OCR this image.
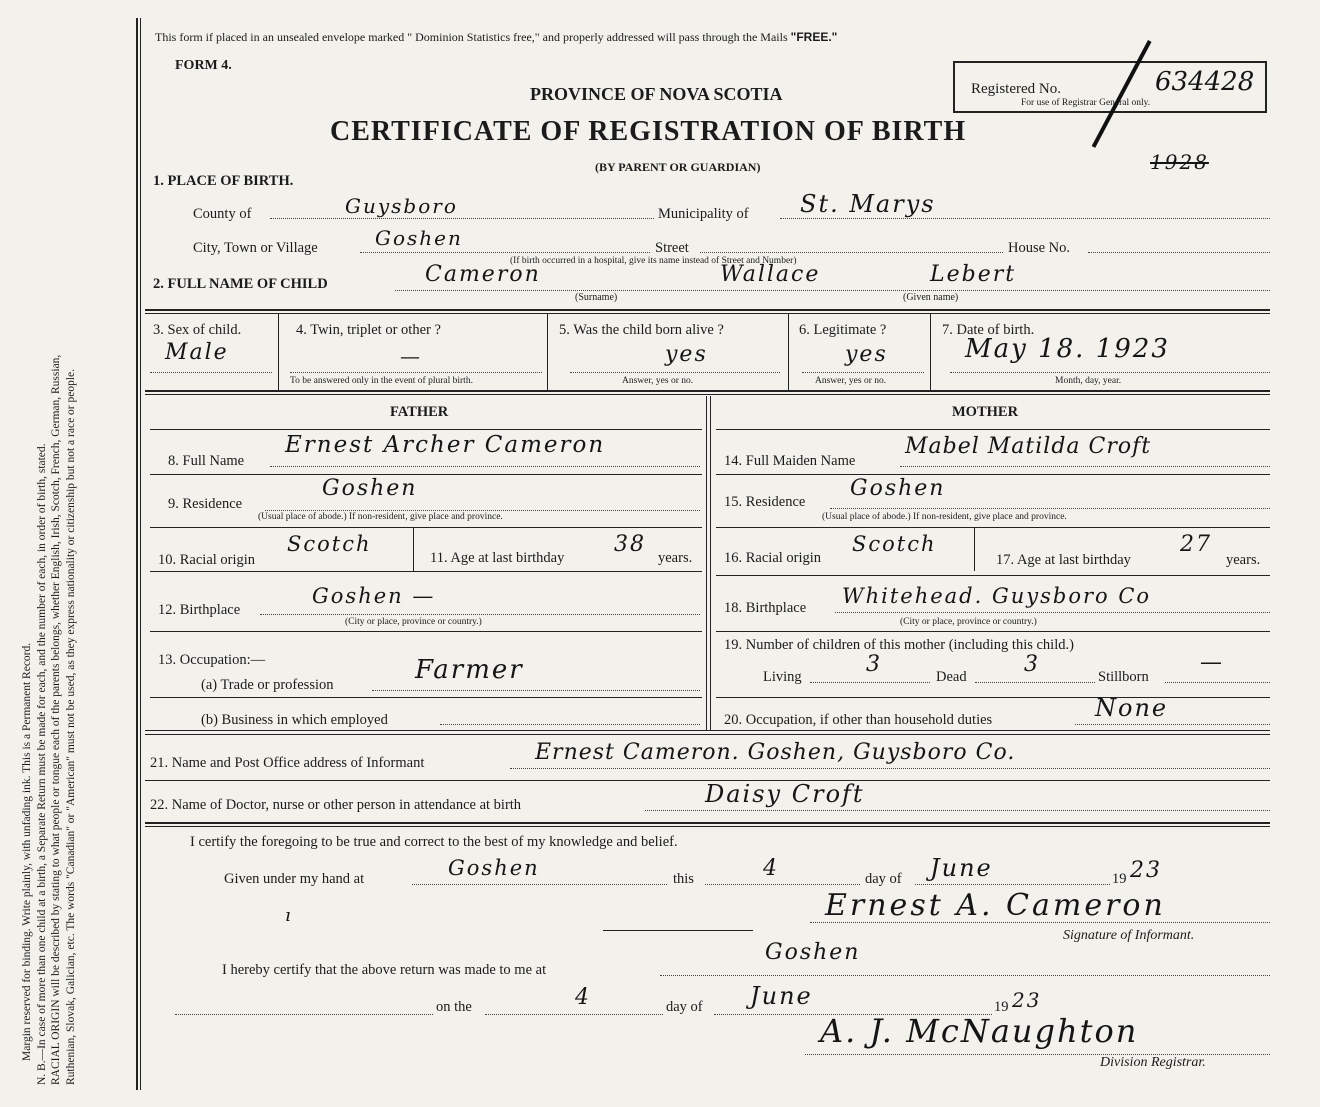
Margin reserved for binding. Write plainly, with unfading ink. This is a Permanent Record. N. B.—In case of more than one child at a birth, a Separate Return must be made for each, and the number of each, in order of birth, stated. RACIAL ORIGIN will be described by stating to what people or tongue each of the parents belongs, whether English, Irish, Scotch, French, German, Russian, Ruthenian, Slovak, Galician, etc. The words "Canadian" or "American" must not be used, as they express nationality or citizenship but not a race or people.
This form if placed in an unsealed envelope marked " Dominion Statistics free," and properly addressed will pass through the Mails "FREE."
FORM 4.
PROVINCE OF NOVA SCOTIA
CERTIFICATE OF REGISTRATION OF BIRTH
(BY PARENT OR GUARDIAN)
Registered No.
For use of Registrar General only.
634428
1928
1. PLACE OF BIRTH.
County of	Guysboro	Municipality of St. Marys
City, Town or Village	Goshen	Street	House No.
(If birth occurred in a hospital, give its name instead of Street and Number)
2. FULL NAME OF CHILD	Cameron	Wallace	Lebert
(Surname)	(Given name)
3. Sex of child.
Male
4. Twin, triplet or other ?
—
To be answered only in the event of plural birth.
5. Was the child born alive ?
yes
Answer, yes or no.
6. Legitimate ?
yes
Answer, yes or no.
7. Date of birth.
May 18. 1923
Month, day, year.
FATHER	MOTHER
8. Full Name
Ernest Archer Cameron
9. Residence
Goshen
(Usual place of abode.) If non-resident, give place and province.
10. Racial origin
Scotch
11. Age at last birthday
38
years.
12. Birthplace
Goshen —
(City or place, province or country.)
13. Occupation:—
(a) Trade or profession	Farmer
(b) Business in which employed
14. Full Maiden Name
Mabel Matilda Croft
15. Residence
Goshen
(Usual place of abode.) If non-resident, give place and province.
16. Racial origin
Scotch
17. Age at last birthday
27
years.
18. Birthplace Whitehead. Guysboro Co
(City or place, province or country.)
19. Number of children of this mother (including this child.)
Living	3	Dead	3	Stillborn
—
20. Occupation, if other than household duties	None
21. Name and Post Office address of Informant	Ernest Cameron. Goshen, Guysboro Co.
22. Name of Doctor, nurse or other person in attendance at birth	Daisy Croft
I certify the foregoing to be true and correct to the best of my knowledge and belief.
Given under my hand at	Goshen	this	4	day of June	19 23
ı	Ernest A. Cameron
Signature of Informant.
I hereby certify that the above return was made to me at
Goshen
on the	4	day of June	19 23
A. J. McNaughton
Division Registrar.
